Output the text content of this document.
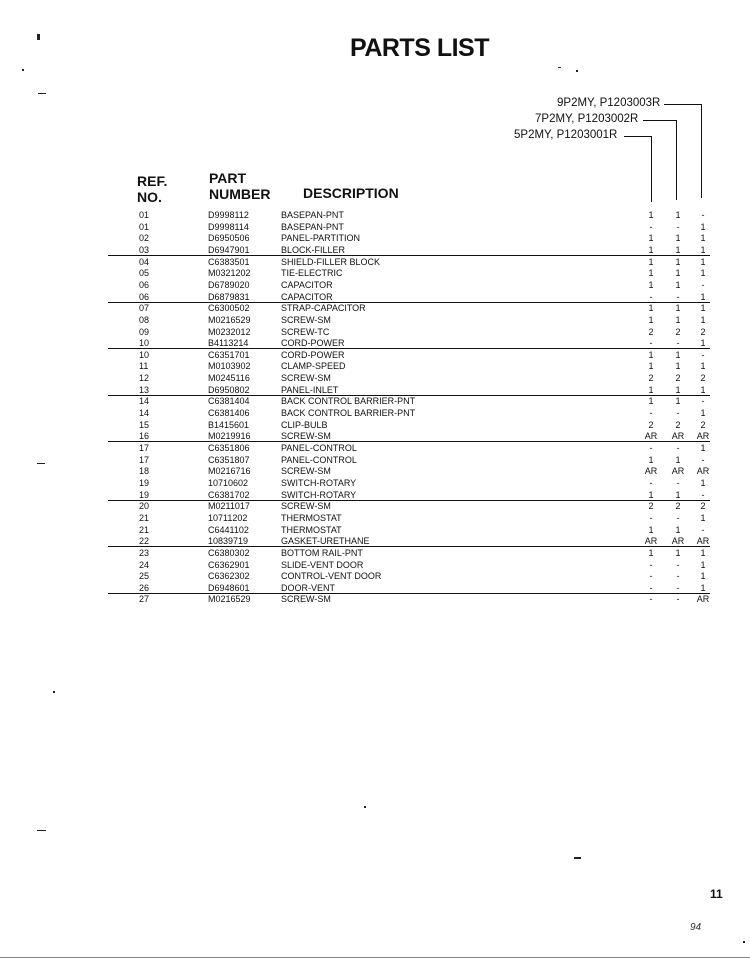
PARTS LIST
9P2MY, P1203003R
7P2MY, P1203002R
5P2MY, P1203001R
REF.
NO.
PART
NUMBER DESCRIPTION
01	D9998112	BASEPAN-PNT	1	1	-
01	D9998114	BASEPAN-PNT	-	-	1
02	D6950506	PANEL-PARTITION	1	1	1
03	D6947901	BLOCK-FILLER	1	1	1
04	C6383501	SHIELD-FILLER BLOCK	1	1	1
05	M0321202	TIE-ELECTRIC	1	1	1
06	D6789020	CAPACITOR	1	1	-
06	D6879831	CAPACITOR	-	-	1
07	C6300502	STRAP-CAPACITOR	1	1	1
08	M0216529	SCREW-SM	1	1	1
09	M0232012	SCREW-TC	2	2	2
10	B4113214	CORD-POWER	-	-	1
10	C6351701	CORD-POWER	1	1	-
11	M0103902	CLAMP-SPEED	1	1	1
12	M0245116	SCREW-SM	2	2	2
13	D6950802	PANEL-INLET	1	1	1
14	C6381404	BACK CONTROL BARRIER-PNT	1	1	-
14	C6381406	BACK CONTROL BARRIER-PNT	-	-	1
15	B1415601	CLIP-BULB	2	2	2
16	M0219916	SCREW-SM	AR	AR	AR
17	C6351806	PANEL-CONTROL	-	-	1
17	C6351807	PANEL-CONTROL	1	1	-
18	M0216716	SCREW-SM	AR	AR	AR
19	10710602	SWITCH-ROTARY	-	-	1
19	C6381702	SWITCH-ROTARY	1	1	-
20	M0211017	SCREW-SM	2	2	2
21	10711202	THERMOSTAT	-	-	1
21	C6441102	THERMOSTAT	1	1	-
22	10839719	GASKET-URETHANE	AR	AR	AR
23	C6380302	BOTTOM RAIL-PNT	1	1	1
24	C6362901	SLIDE-VENT DOOR	-	-	1
25	C6362302	CONTROL-VENT DOOR	-	-	1
26	D6948601	DOOR-VENT	-	-	1
27	M0216529	SCREW-SM	-	-	AR
11
94
